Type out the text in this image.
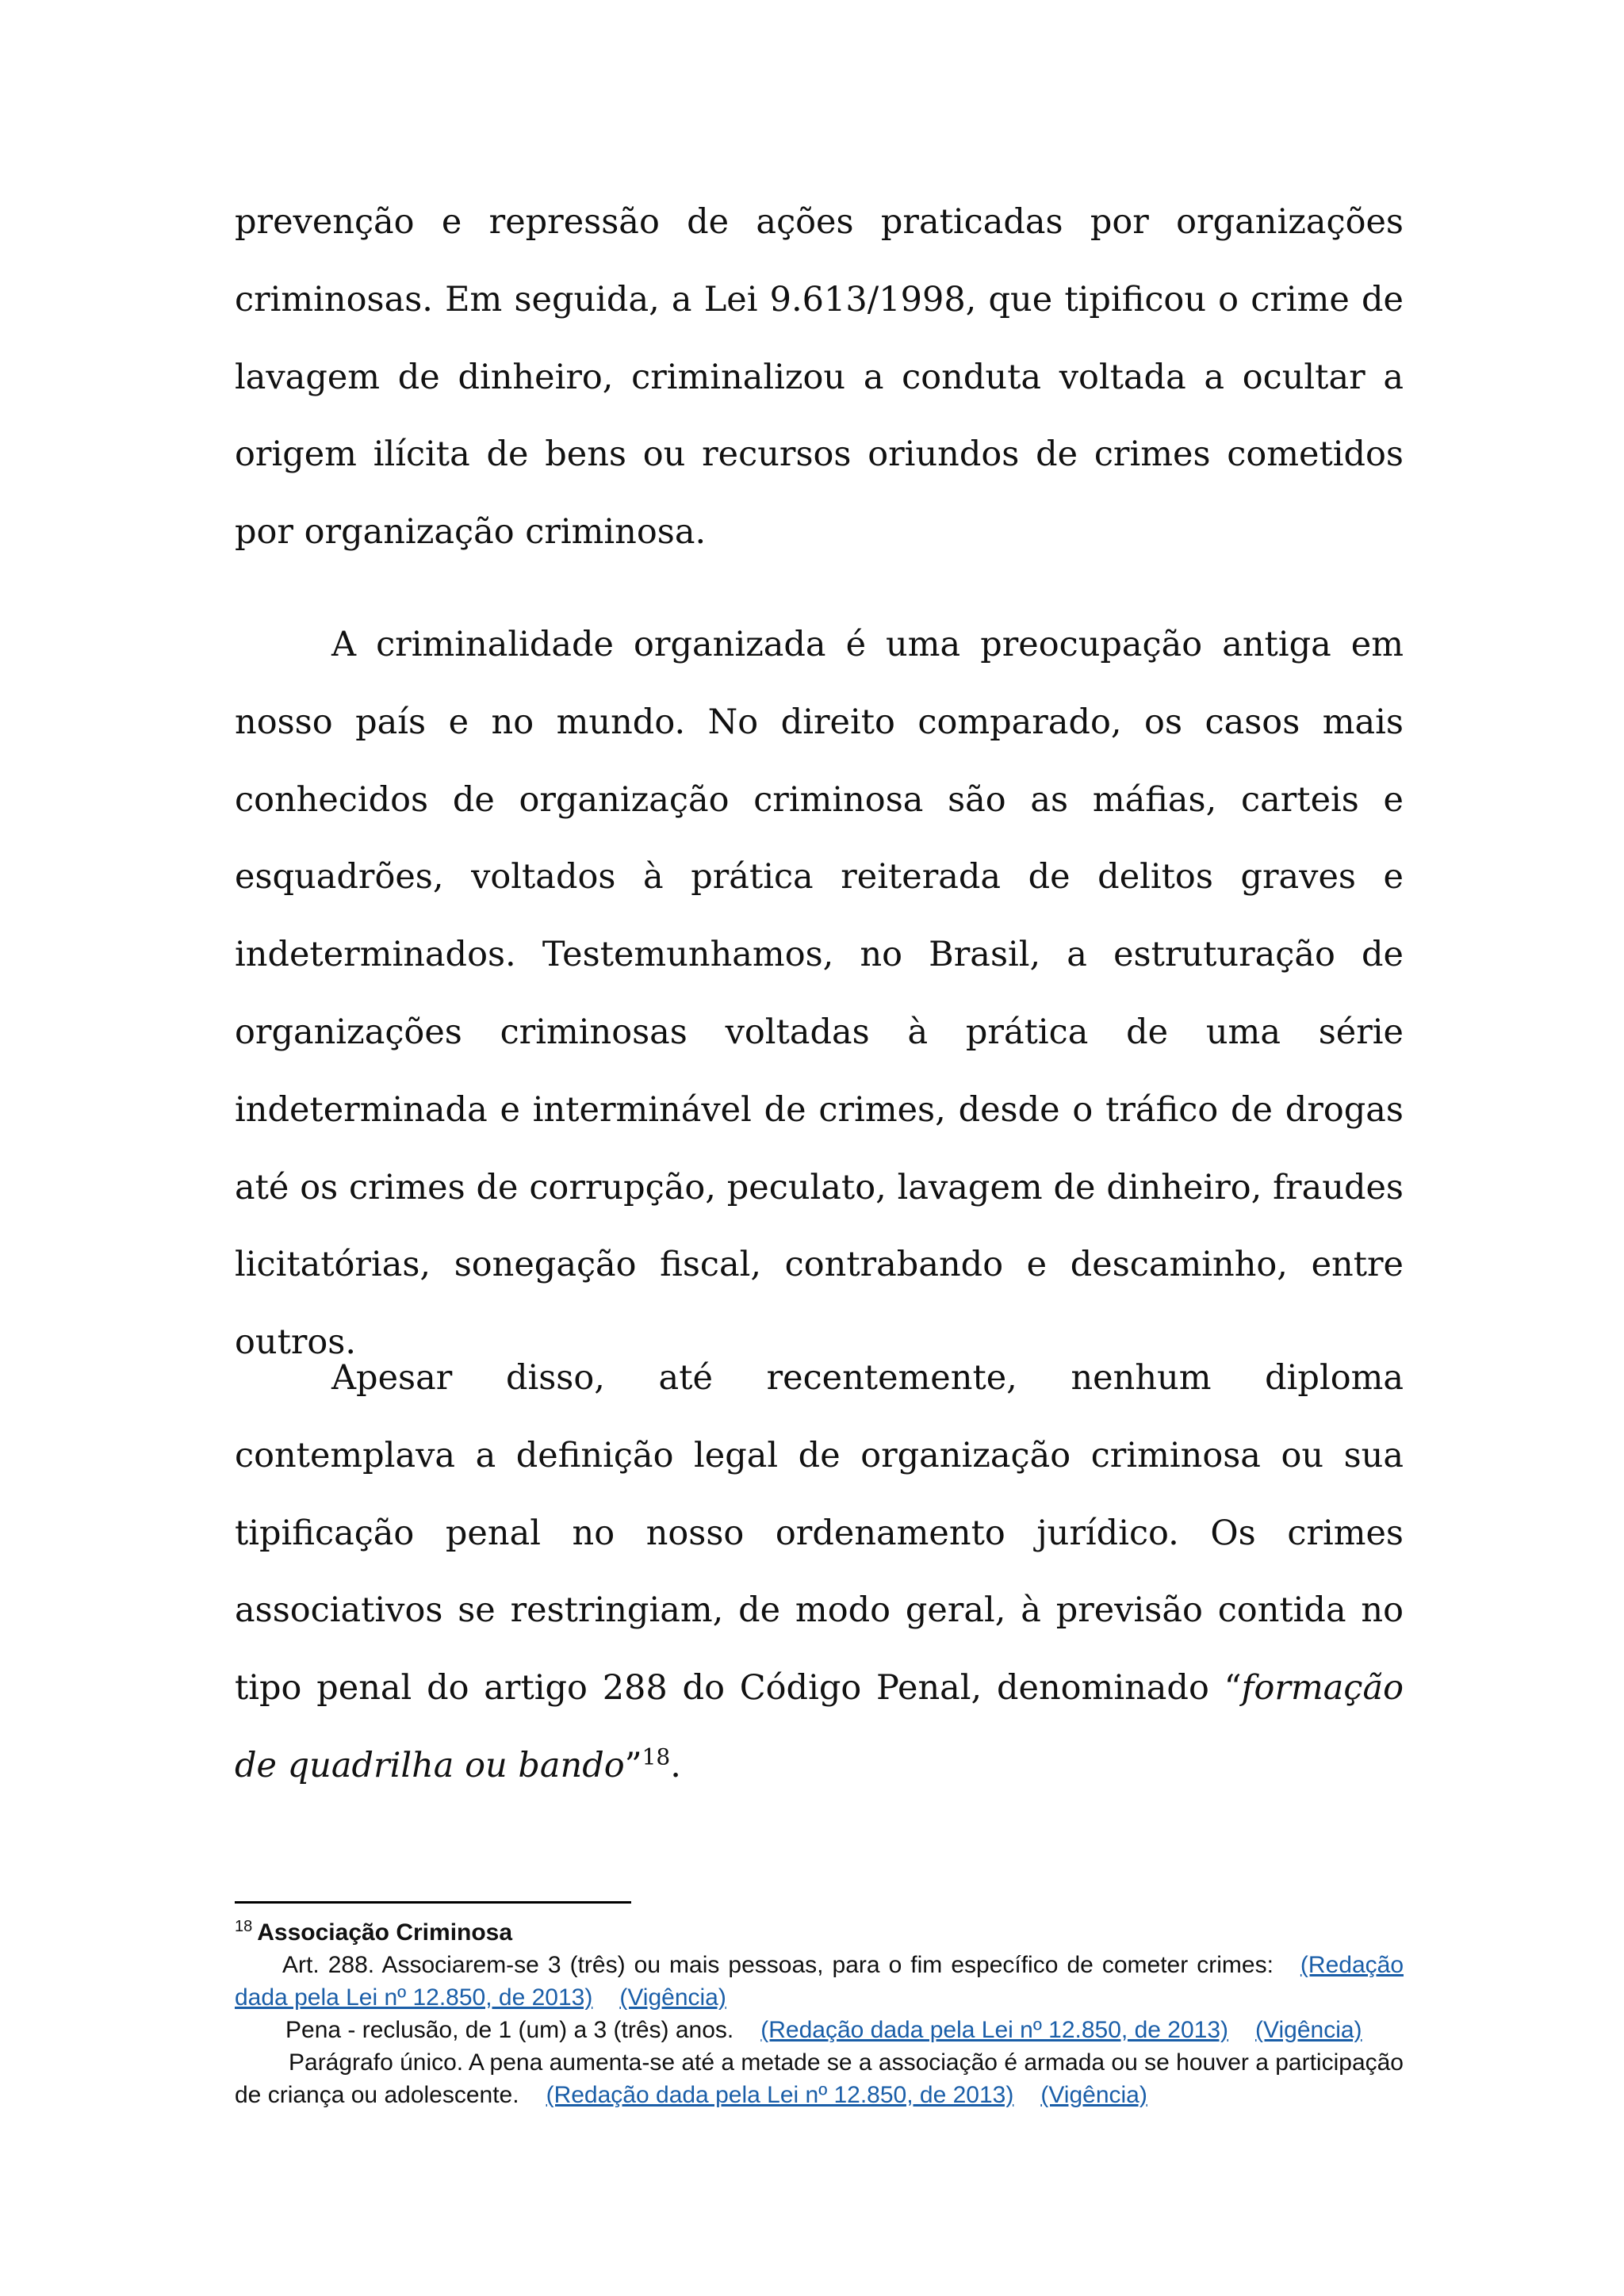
prevenção e repressão de ações praticadas por organizações criminosas. Em seguida, a Lei 9.613/1998, que tipificou o crime de lavagem de dinheiro, criminalizou a conduta voltada a ocultar a origem ilícita de bens ou recursos oriundos de crimes cometidos por organização criminosa.

A criminalidade organizada é uma preocupação antiga em nosso país e no mundo. No direito comparado, os casos mais conhecidos de organização criminosa são as máfias, carteis e esquadrões, voltados à prática reiterada de delitos graves e indeterminados. Testemunhamos, no Brasil, a estruturação de organizações criminosas voltadas à prática de uma série indeterminada e interminável de crimes, desde o tráfico de drogas até os crimes de corrupção, peculato, lavagem de dinheiro, fraudes licitatórias, sonegação fiscal, contrabando e descaminho, entre outros.

Apesar disso, até recentemente, nenhum diploma contemplava a definição legal de organização criminosa ou sua tipificação penal no nosso ordenamento jurídico. Os crimes associativos se restringiam, de modo geral, à previsão contida no tipo penal do artigo 288 do Código Penal, denominado “formação de quadrilha ou bando”$^{18}$.

$^{18}$ Associação Criminosa

Art. 288. Associarem-se 3 (três) ou mais pessoas, para o fim específico de cometer crimes: (Redação dada pela Lei nº 12.850, de 2013) (Vigência)

Pena - reclusão, de 1 (um) a 3 (três) anos. (Redação dada pela Lei nº 12.850, de 2013) (Vigência)

Parágrafo único. A pena aumenta-se até a metade se a associação é armada ou se houver a participação de criança ou adolescente. (Redação dada pela Lei nº 12.850, de 2013) (Vigência)
